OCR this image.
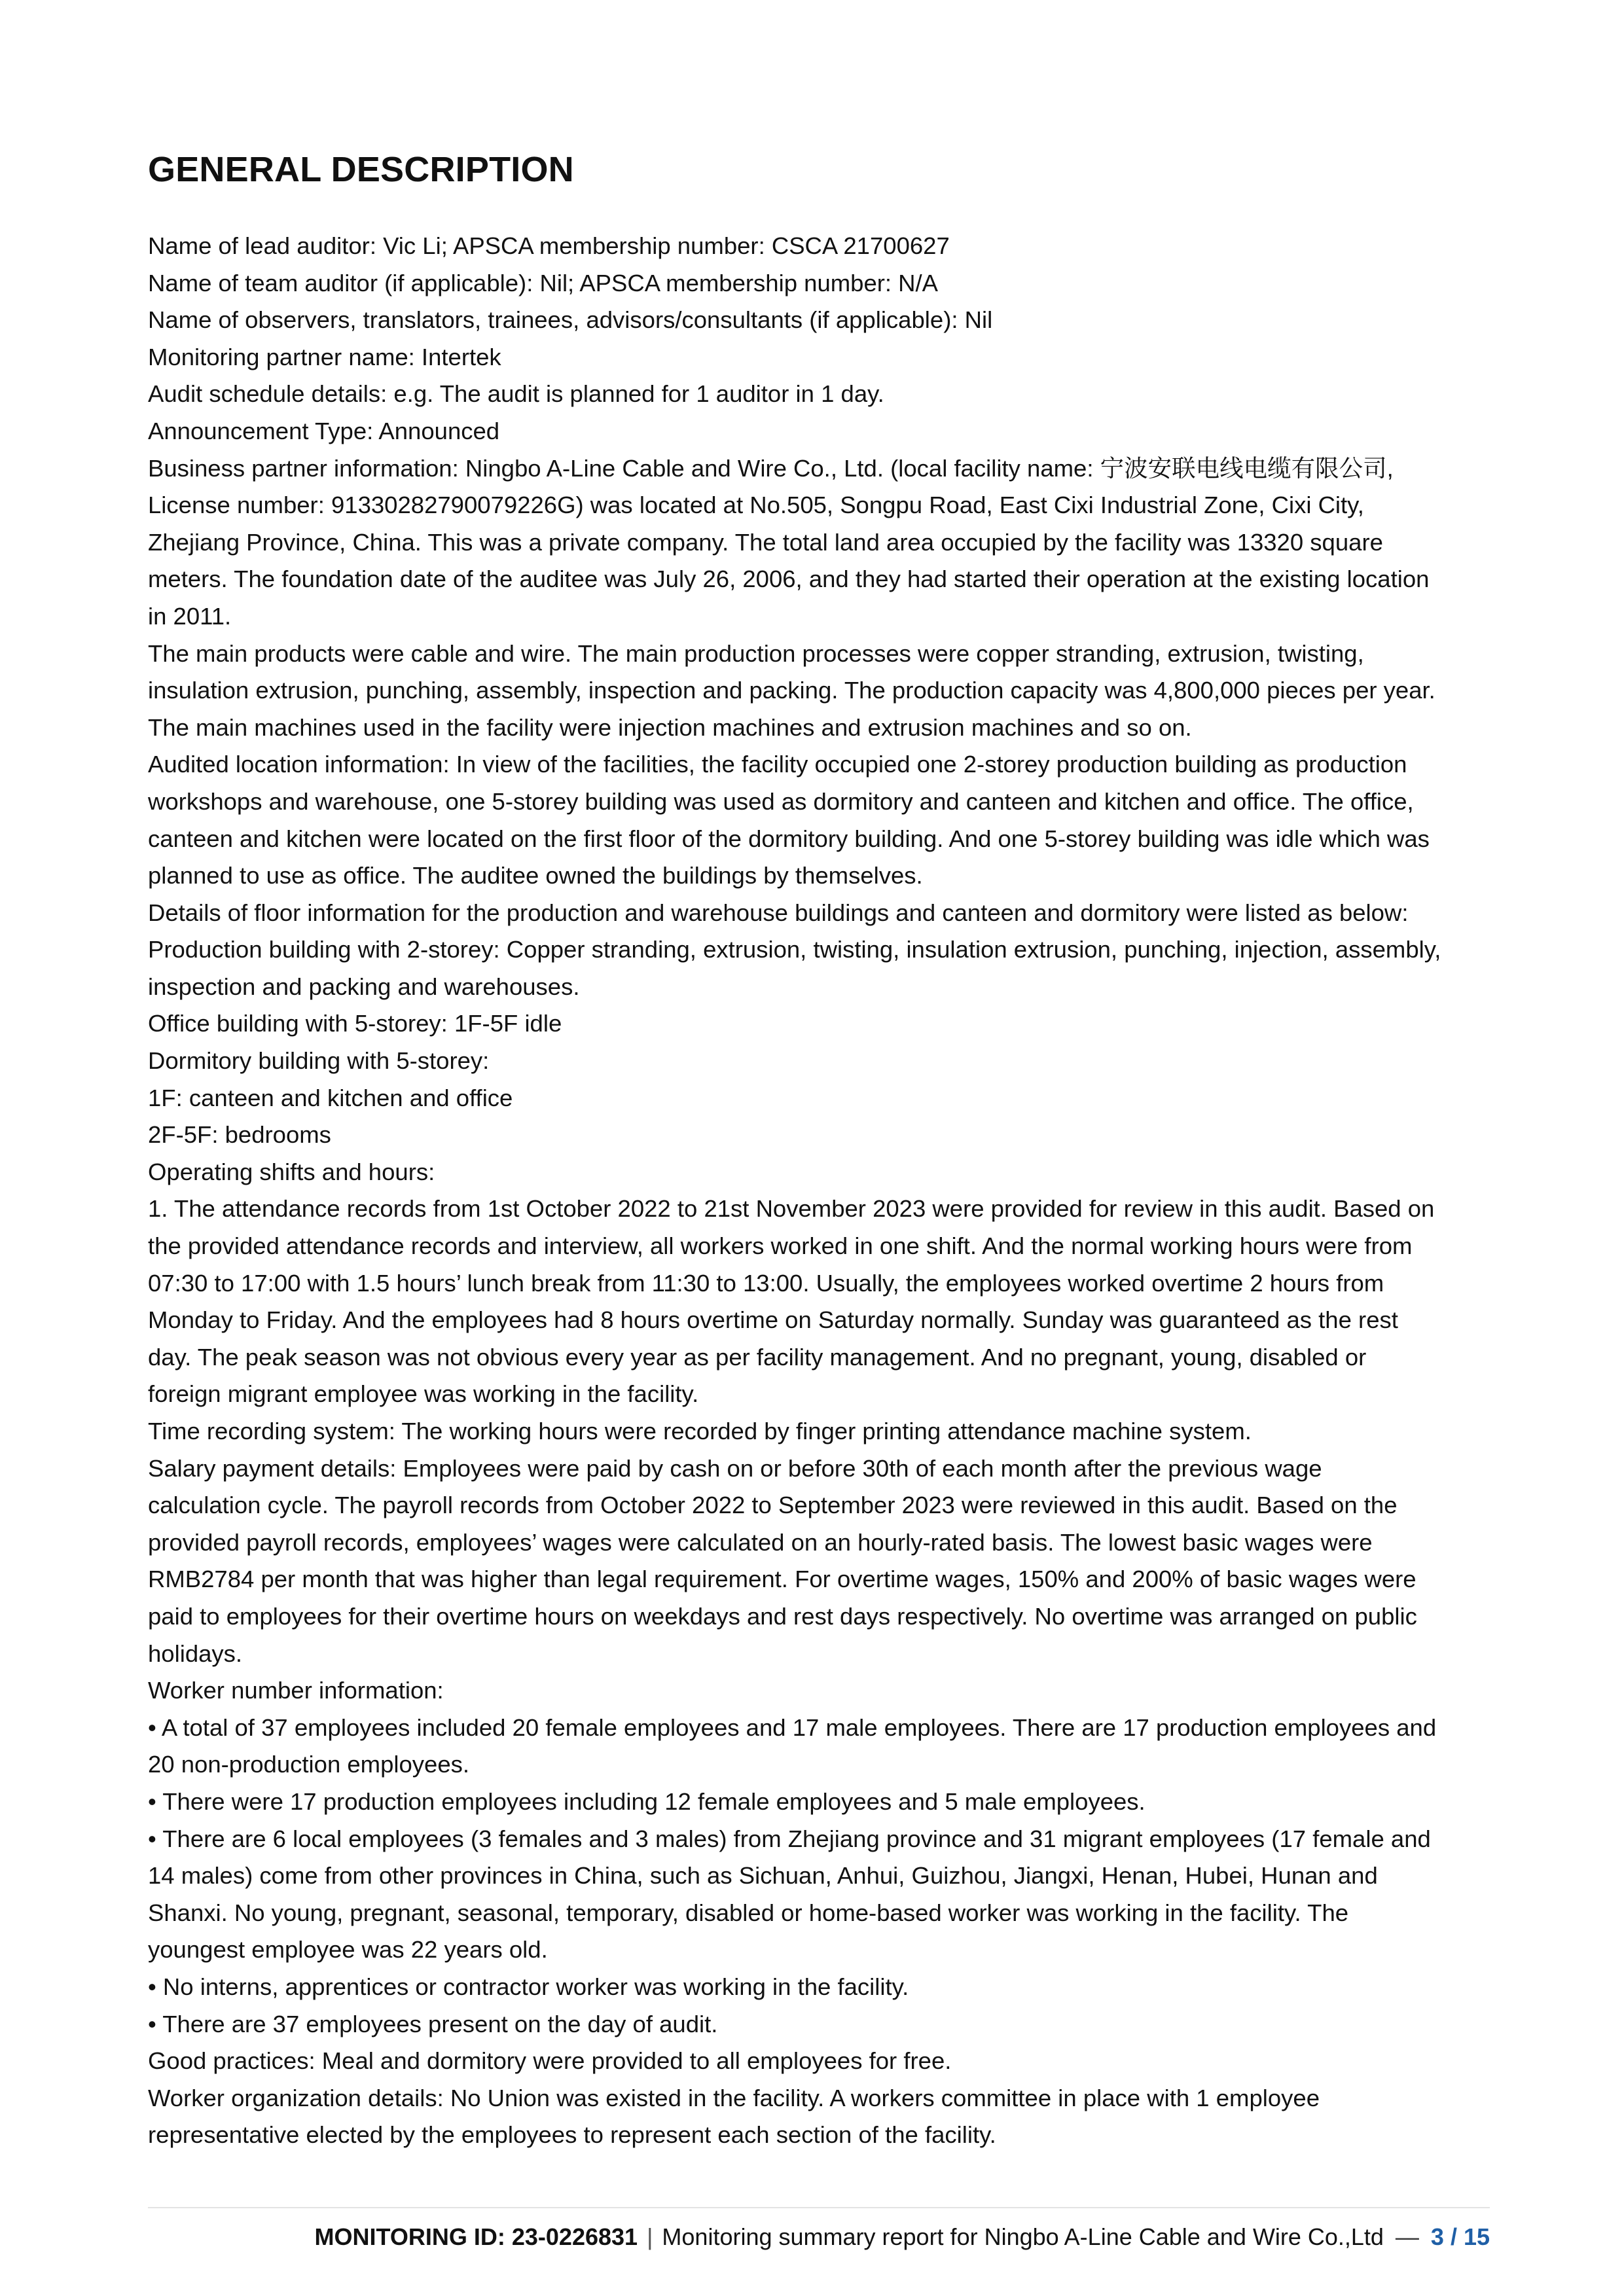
GENERAL DESCRIPTION
Name of lead auditor: Vic Li; APSCA membership number: CSCA 21700627
Name of team auditor (if applicable): Nil; APSCA membership number: N/A
Name of observers, translators, trainees, advisors/consultants (if applicable): Nil
Monitoring partner name: Intertek
Audit schedule details: e.g. The audit is planned for 1 auditor in 1 day.
Announcement Type: Announced
Business partner information: Ningbo A-Line Cable and Wire Co., Ltd. (local facility name: 宁波安联电线电缆有限公司,
License number: 91330282790079226G) was located at No.505, Songpu Road, East Cixi Industrial Zone, Cixi City,
Zhejiang Province, China. This was a private company. The total land area occupied by the facility was 13320 square
meters. The foundation date of the auditee was July 26, 2006, and they had started their operation at the existing location
in 2011.
The main products were cable and wire. The main production processes were copper stranding, extrusion, twisting,
insulation extrusion, punching, assembly, inspection and packing. The production capacity was 4,800,000 pieces per year.
The main machines used in the facility were injection machines and extrusion machines and so on.
Audited location information: In view of the facilities, the facility occupied one 2-storey production building as production
workshops and warehouse, one 5-storey building was used as dormitory and canteen and kitchen and office. The office,
canteen and kitchen were located on the first floor of the dormitory building. And one 5-storey building was idle which was
planned to use as office. The auditee owned the buildings by themselves.
Details of floor information for the production and warehouse buildings and canteen and dormitory were listed as below:
Production building with 2-storey: Copper stranding, extrusion, twisting, insulation extrusion, punching, injection, assembly,
inspection and packing and warehouses.
Office building with 5-storey: 1F-5F idle
Dormitory building with 5-storey:
1F: canteen and kitchen and office
2F-5F: bedrooms
Operating shifts and hours:
1. The attendance records from 1st October 2022 to 21st November 2023 were provided for review in this audit. Based on
the provided attendance records and interview, all workers worked in one shift. And the normal working hours were from
07:30 to 17:00 with 1.5 hours’ lunch break from 11:30 to 13:00. Usually, the employees worked overtime 2 hours from
Monday to Friday. And the employees had 8 hours overtime on Saturday normally. Sunday was guaranteed as the rest
day. The peak season was not obvious every year as per facility management. And no pregnant, young, disabled or
foreign migrant employee was working in the facility.
Time recording system: The working hours were recorded by finger printing attendance machine system.
Salary payment details: Employees were paid by cash on or before 30th of each month after the previous wage
calculation cycle. The payroll records from October 2022 to September 2023 were reviewed in this audit. Based on the
provided payroll records, employees’ wages were calculated on an hourly-rated basis. The lowest basic wages were
RMB2784 per month that was higher than legal requirement. For overtime wages, 150% and 200% of basic wages were
paid to employees for their overtime hours on weekdays and rest days respectively. No overtime was arranged on public
holidays.
Worker number information:
• A total of 37 employees included 20 female employees and 17 male employees. There are 17 production employees and
20 non-production employees.
• There were 17 production employees including 12 female employees and 5 male employees.
• There are 6 local employees (3 females and 3 males) from Zhejiang province and 31 migrant employees (17 female and
14 males) come from other provinces in China, such as Sichuan, Anhui, Guizhou, Jiangxi, Henan, Hubei, Hunan and
Shanxi. No young, pregnant, seasonal, temporary, disabled or home-based worker was working in the facility. The
youngest employee was 22 years old.
• No interns, apprentices or contractor worker was working in the facility.
• There are 37 employees present on the day of audit.
Good practices: Meal and dormitory were provided to all employees for free.
Worker organization details: No Union was existed in the facility. A workers committee in place with 1 employee
representative elected by the employees to represent each section of the facility.
MONITORING ID: 23-0226831 | Monitoring summary report for Ningbo A-Line Cable and Wire Co.,Ltd — 3 / 15
